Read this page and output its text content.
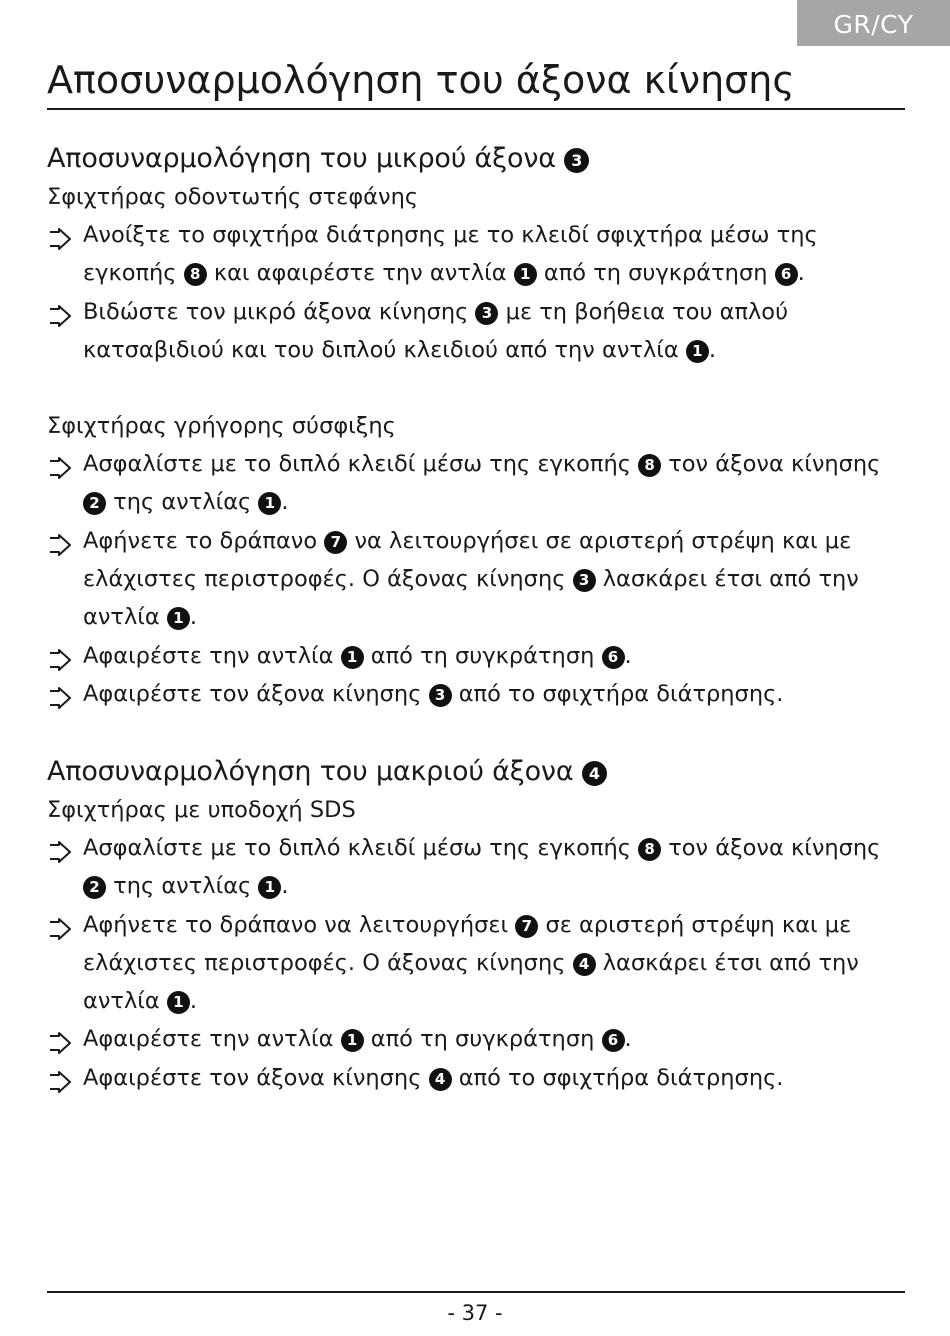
GR/CY
Αποσυναρμολόγηση του άξονα κίνησης
Αποσυναρμολόγηση του μικρού άξονα 3
Σφιχτήρας οδοντωτής στεφάνης
Ανοίξτε το σφιχτήρα διάτρησης με το κλειδί σφιχτήρα μέσω της εγκοπής 8 και αφαιρέστε την αντλία 1 από τη συγκράτηση 6 .
Βιδώστε τον μικρό άξονα κίνησης 3 με τη βοήθεια του απλού κατσαβιδιού και του διπλού κλειδιού από την αντλία 1 .
Σφιχτήρας γρήγορης σύσφιξης
Ασφαλίστε με το διπλό κλειδί μέσω της εγκοπής 8 τον άξονα κίνησης 2 της αντλίας 1 .
Αφήνετε το δράπανο 7 να λειτουργήσει σε αριστερή στρέψη και με ελάχιστες περιστροφές. Ο άξονας κίνησης 3 λασκάρει έτσι από την αντλία 1 .
Αφαιρέστε την αντλία 1 από τη συγκράτηση 6 .
Αφαιρέστε τον άξονα κίνησης 3 από το σφιχτήρα διάτρησης.
Αποσυναρμολόγηση του μακριού άξονα 4
Σφιχτήρας με υποδοχή SDS
Ασφαλίστε με το διπλό κλειδί μέσω της εγκοπής 8 τον άξονα κίνησης 2 της αντλίας 1 .
Αφήνετε το δράπανο να λειτουργήσει 7 σε αριστερή στρέψη και με ελάχιστες περιστροφές. Ο άξονας κίνησης 4 λασκάρει έτσι από την αντλία 1 .
Αφαιρέστε την αντλία 1 από τη συγκράτηση 6 .
Αφαιρέστε τον άξονα κίνησης 4 από το σφιχτήρα διάτρησης.
- 37 -
